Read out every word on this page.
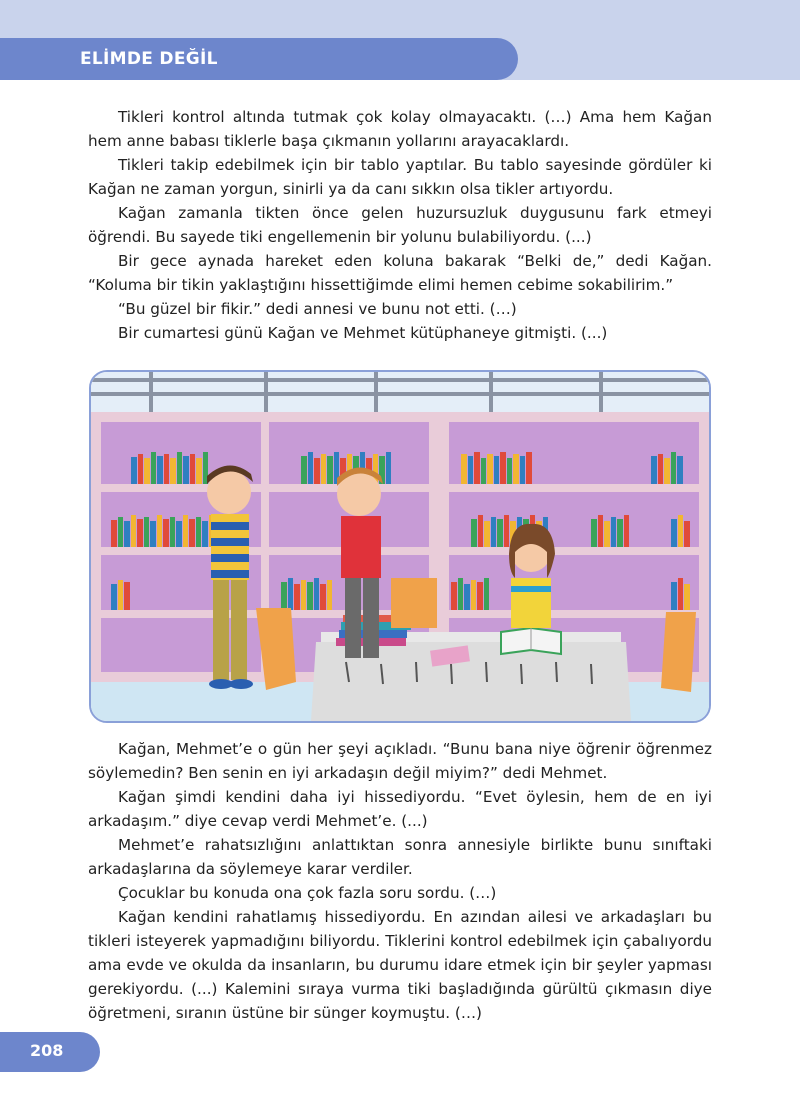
ELİMDE DEĞİL

Tikleri kontrol altında tutmak çok kolay olmayacaktı. (…) Ama hem Kağan hem anne babası tiklerle başa çıkmanın yollarını arayacaklardı.

Tikleri takip edebilmek için bir tablo yaptılar. Bu tablo sayesinde gördüler ki Kağan ne zaman yorgun, sinirli ya da canı sıkkın olsa tikler artıyordu.

Kağan zamanla tikten önce gelen huzursuzluk duygusunu fark etmeyi öğrendi. Bu sayede tiki engellemenin bir yolunu bulabiliyordu. (...)

Bir gece aynada hareket eden koluna bakarak “Belki de,” dedi Kağan. “Koluma bir tikin yaklaştığını hissettiğimde elimi hemen cebime sokabilirim.”

“Bu güzel bir fikir.” dedi annesi ve bunu not etti. (…)

Bir cumartesi günü Kağan ve Mehmet kütüphaneye gitmişti. (...)

Kağan, Mehmet’e o gün her şeyi açıkladı. “Bunu bana niye öğrenir öğrenmez söylemedin? Ben senin en iyi arkadaşın değil miyim?” dedi Mehmet.

Kağan şimdi kendini daha iyi hissediyordu. “Evet öylesin, hem de en iyi arkadaşım.” diye cevap verdi Mehmet’e. (...)

Mehmet’e rahatsızlığını anlattıktan sonra annesiyle birlikte bunu sınıftaki arkadaşlarına da söylemeye karar verdiler.

Çocuklar bu konuda ona çok fazla soru sordu. (…)

Kağan kendini rahatlamış hissediyordu. En azından ailesi ve arkadaşları bu tikleri isteyerek yapmadığını biliyordu. Tiklerini kontrol edebilmek için çabalıyordu ama evde ve okulda da insanların, bu durumu idare etmek için bir şeyler yapması gerekiyordu. (...) Kalemini sıraya vurma tiki başladığında gürültü çıkmasın diye öğretmeni, sıranın üstüne bir sünger koymuştu. (…)

208
